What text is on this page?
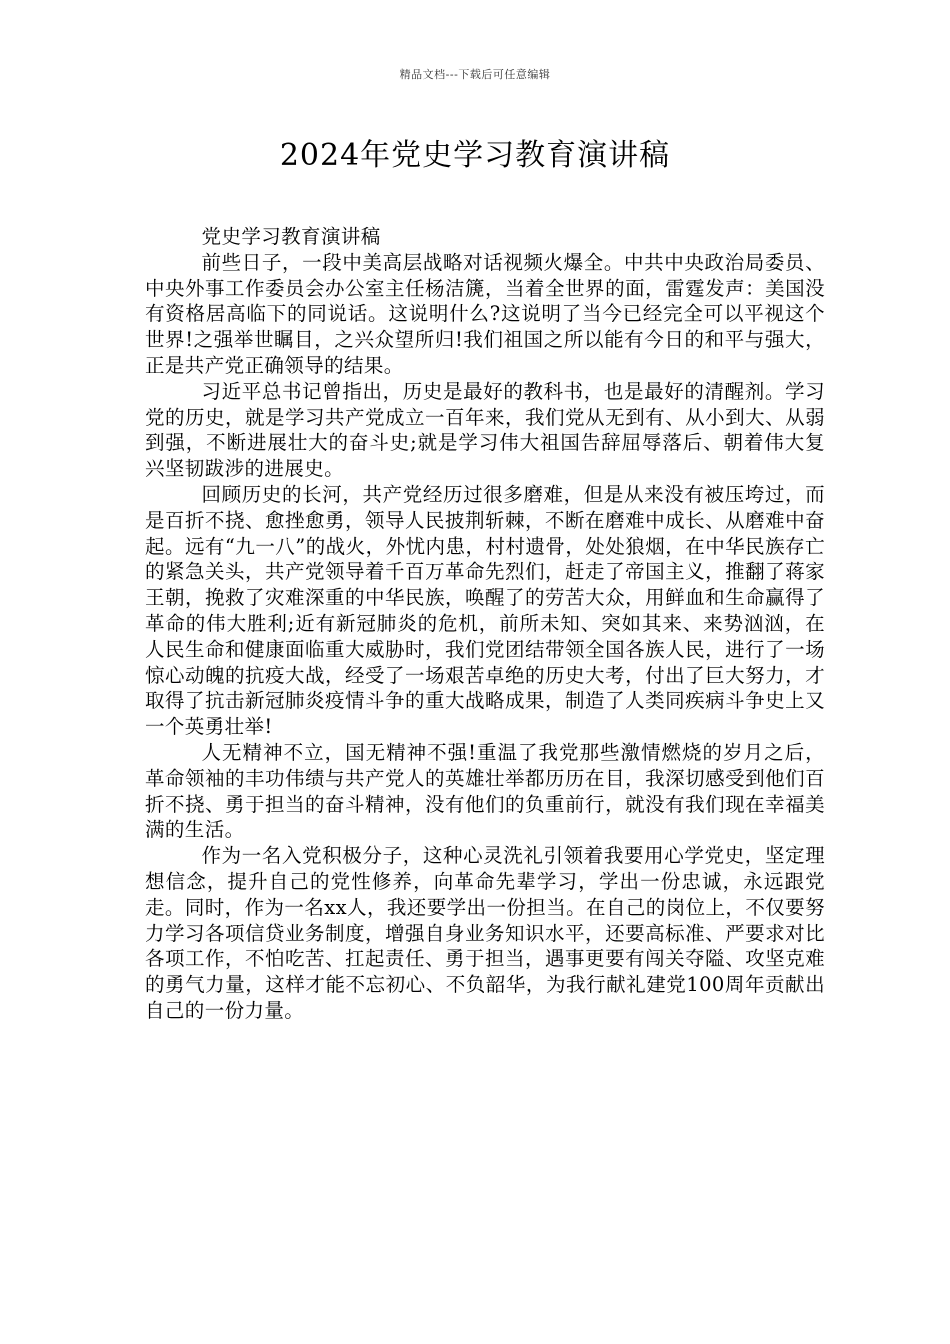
精品文档---下载后可任意编辑
2024年党史学习教育演讲稿

党史学习教育演讲稿

前些日子，一段中美高层战略对话视频火爆全。中共中央政治局委员、中央外事工作委员会办公室主任杨洁篪，当着全世界的面，雷霆发声：美国没有资格居高临下的同说话。这说明什么?这说明了当今已经完全可以平视这个世界!之强举世瞩目，之兴众望所归!我们祖国之所以能有今日的和平与强大，正是共产党正确领导的结果。

习近平总书记曾指出，历史是最好的教科书，也是最好的清醒剂。学习党的历史，就是学习共产党成立一百年来，我们党从无到有、从小到大、从弱到强，不断进展壮大的奋斗史;就是学习伟大祖国告辞屈辱落后、朝着伟大复兴坚韧跋涉的进展史。

回顾历史的长河，共产党经历过很多磨难，但是从来没有被压垮过，而是百折不挠、愈挫愈勇，领导人民披荆斩棘，不断在磨难中成长、从磨难中奋起。远有“九一八”的战火，外忧内患，村村遗骨，处处狼烟，在中华民族存亡的紧急关头，共产党领导着千百万革命先烈们，赶走了帝国主义，推翻了蒋家王朝，挽救了灾难深重的中华民族，唤醒了的劳苦大众，用鲜血和生命赢得了革命的伟大胜利;近有新冠肺炎的危机，前所未知、突如其来、来势汹汹，在人民生命和健康面临重大威胁时，我们党团结带领全国各族人民，进行了一场惊心动魄的抗疫大战，经受了一场艰苦卓绝的历史大考，付出了巨大努力，才取得了抗击新冠肺炎疫情斗争的重大战略成果，制造了人类同疾病斗争史上又一个英勇壮举!

人无精神不立，国无精神不强!重温了我党那些激情燃烧的岁月之后，革命领袖的丰功伟绩与共产党人的英雄壮举都历历在目，我深切感受到他们百折不挠、勇于担当的奋斗精神，没有他们的负重前行，就没有我们现在幸福美满的生活。

作为一名入党积极分子，这种心灵洗礼引领着我要用心学党史，坚定理想信念，提升自己的党性修养，向革命先辈学习，学出一份忠诚，永远跟党走。同时，作为一名xx人，我还要学出一份担当。在自己的岗位上，不仅要努力学习各项信贷业务制度，增强自身业务知识水平，还要高标准、严要求对比各项工作，不怕吃苦、扛起责任、勇于担当，遇事更要有闯关夺隘、攻坚克难的勇气力量，这样才能不忘初心、不负韶华，为我行献礼建党100周年贡献出自己的一份力量。
